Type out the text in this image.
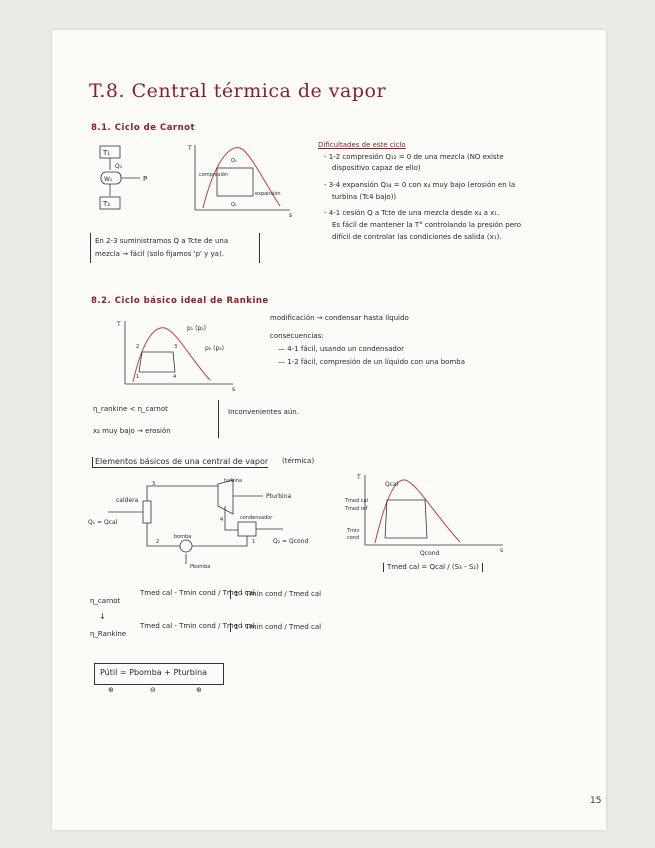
T.8. Central térmica de vapor
8.1. Ciclo de Carnot
T₁
Q₁
W₁	P
T₂
T
s
compresión
expansión
Q₁
Q₁
Dificultades de este ciclo
- 1-2 compresión Q₁₂ = 0 de una mezcla (NO existe
dispositivo capaz de ello)
- 3-4 expansión Q₃₄ = 0 con x₄ muy bajo (erosión en la
turbina (Tc4 bajo))
- 4-1 cesión Q a Tcte de una mezcla desde x₄ a x₁.
Es fácil de mantener la T° controlando la presión pero
difícil de controlar las condiciones de salida (x₁).
En 2-3 suministramos Q a Tcte de una
mezcla → fácil (solo fijamos 'p' y ya).
8.2. Ciclo básico ideal de Rankine
T
s
p₁ (p₂)
p₂ (p₃)
2	3
1	4
modificación → condensar hasta líquido
consecuencias:
— 4-1 fácil, usando un condensador
— 1-2 fácil, compresión de un líquido con una bomba
η_rankine < η_carnot
x₄ muy bajo → erosión
Inconvenientes aún.
Elementos básicos de una central de vapor (térmica)
caldera
turbina
Pturbina
condensador
bomba
Pbomba
Q₁ = Qcal
Q₂ = Qcond
3
4
2	1
T
s
Qcal
Tmed cal
Tmed ref
Tmin
cond
Qcond
Tmed cal = Qcal / (S₃ - S₂)
η_carnot
Tmed cal - Tmin cond / Tmed cal
1 - Tmin cond / Tmed cal
↓
η_Rankine
Tmed cal - Tmin cond / Tmed cal
1 - Tmin cond / Tmed cal
Pútil = Pbomba + Pturbina
⊕	⊖	⊕
15
